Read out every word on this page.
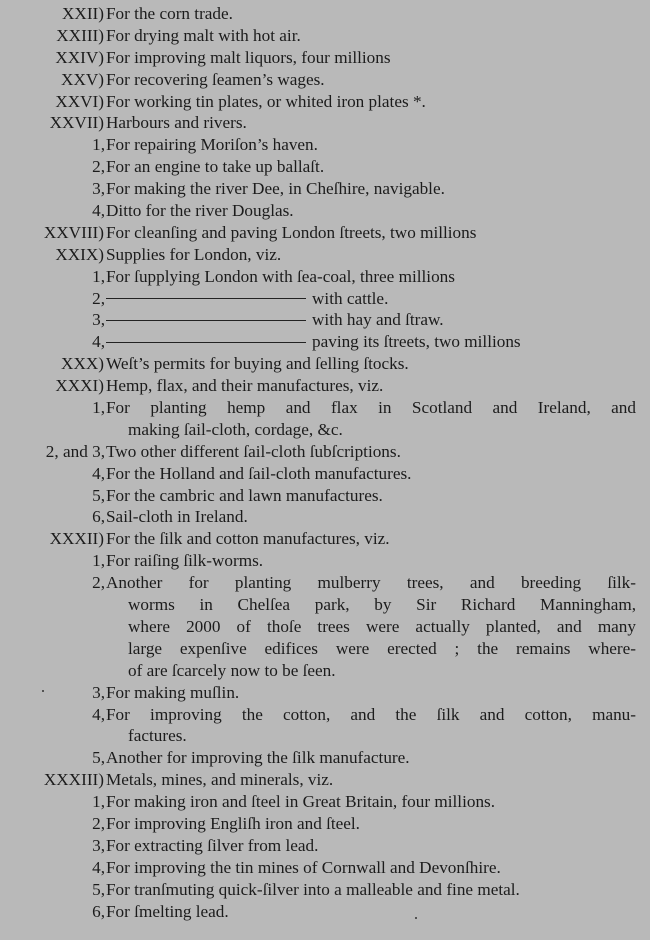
XXII) For the corn trade.
XXIII) For drying malt with hot air.
XXIV) For improving malt liquors, four millions
XXV) For recovering ſeamen’s wages.
XXVI) For working tin plates, or whited iron plates *.
XXVII) Harbours and rivers.
1, For repairing Moriſon’s haven.
2, For an engine to take up ballaſt.
3, For making the river Dee, in Cheſhire, navigable.
4, Ditto for the river Douglas.
XXVIII) For cleanſing and paving London ſtreets, two millions
XXIX) Supplies for London, viz.
1, For ſupplying London with ſea-coal, three millions
2,	with cattle.
3,	with hay and ſtraw.
4,	paving its ſtreets, two millions
XXX) Weſt’s permits for buying and ſelling ſtocks.
XXXI) Hemp, flax, and their manufactures, viz.
1, For planting hemp and flax in Scotland and Ireland, and
making ſail-cloth, cordage, &c.
2, and 3, Two other different ſail-cloth ſubſcriptions.
4, For the Holland and ſail-cloth manufactures.
5, For the cambric and lawn manufactures.
6, Sail-cloth in Ireland.
XXXII) For the ſilk and cotton manufactures, viz.
1, For raiſing ſilk-worms.
2, Another for planting mulberry trees, and breeding ſilk-
worms in Chelſea park, by Sir Richard Manningham,
where 2000 of thoſe trees were actually planted, and many
large expenſive edifices were erected ; the remains where-
of are ſcarcely now to be ſeen.
3, For making muſlin.
4, For improving the cotton, and the ſilk and cotton, manu-
factures.
5, Another for improving the ſilk manufacture.
XXXIII) Metals, mines, and minerals, viz.
1, For making iron and ſteel in Great Britain, four millions.
2, For improving Engliſh iron and ſteel.
3, For extracting ſilver from lead.
4, For improving the tin mines of Cornwall and Devonſhire.
5, For tranſmuting quick-ſilver into a malleable and fine metal.
6, For ſmelting lead.
